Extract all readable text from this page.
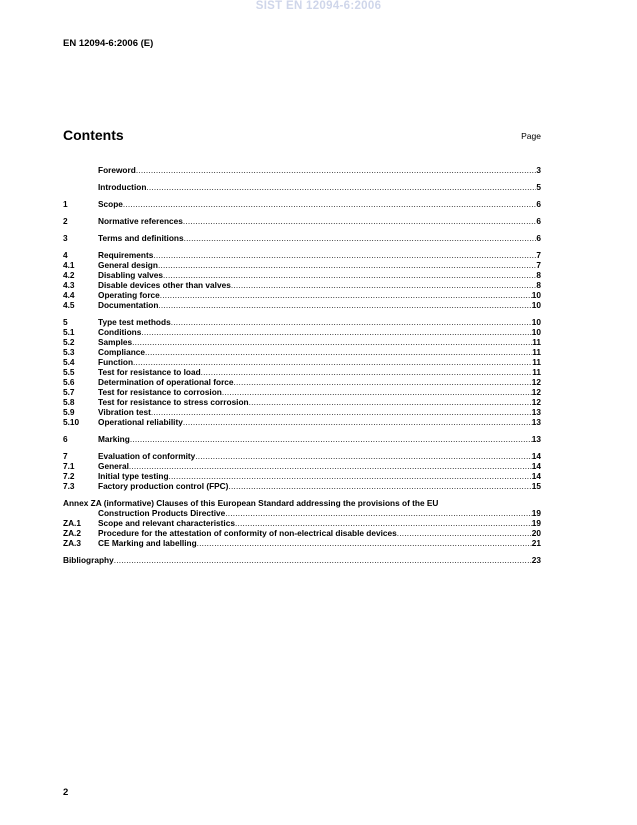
SIST EN 12094-6:2006
EN 12094-6:2006 (E)
Contents	Page
Foreword .....	3
Introduction .....	5
1	Scope .....	6
2	Normative references .....	6
3	Terms and definitions .....	6
4	Requirements .....	7
4.1	General design .....	7
4.2	Disabling valves .....	8
4.3	Disable devices other than valves .....	8
4.4	Operating force .....	10
4.5	Documentation .....	10
5	Type test methods .....	10
5.1	Conditions .....	10
5.2	Samples .....	11
5.3	Compliance .....	11
5.4	Function .....	11
5.5	Test for resistance to load .....	11
5.6	Determination of operational force .....	12
5.7	Test for resistance to corrosion .....	12
5.8	Test for resistance to stress corrosion .....	12
5.9	Vibration test .....	13
5.10	Operational reliability .....	13
6	Marking .....	13
7	Evaluation of conformity .....	14
7.1	General .....	14
7.2	Initial type testing .....	14
7.3	Factory production control (FPC) .....	15
Annex ZA (informative) Clauses of this European Standard addressing the provisions of the EU
Construction Products Directive .....	19
ZA.1	Scope and relevant characteristics .....	19
ZA.2	Procedure for the attestation of conformity of non-electrical disable devices .....	20
ZA.3	CE Marking and labelling .....	21
Bibliography .....	23
2
